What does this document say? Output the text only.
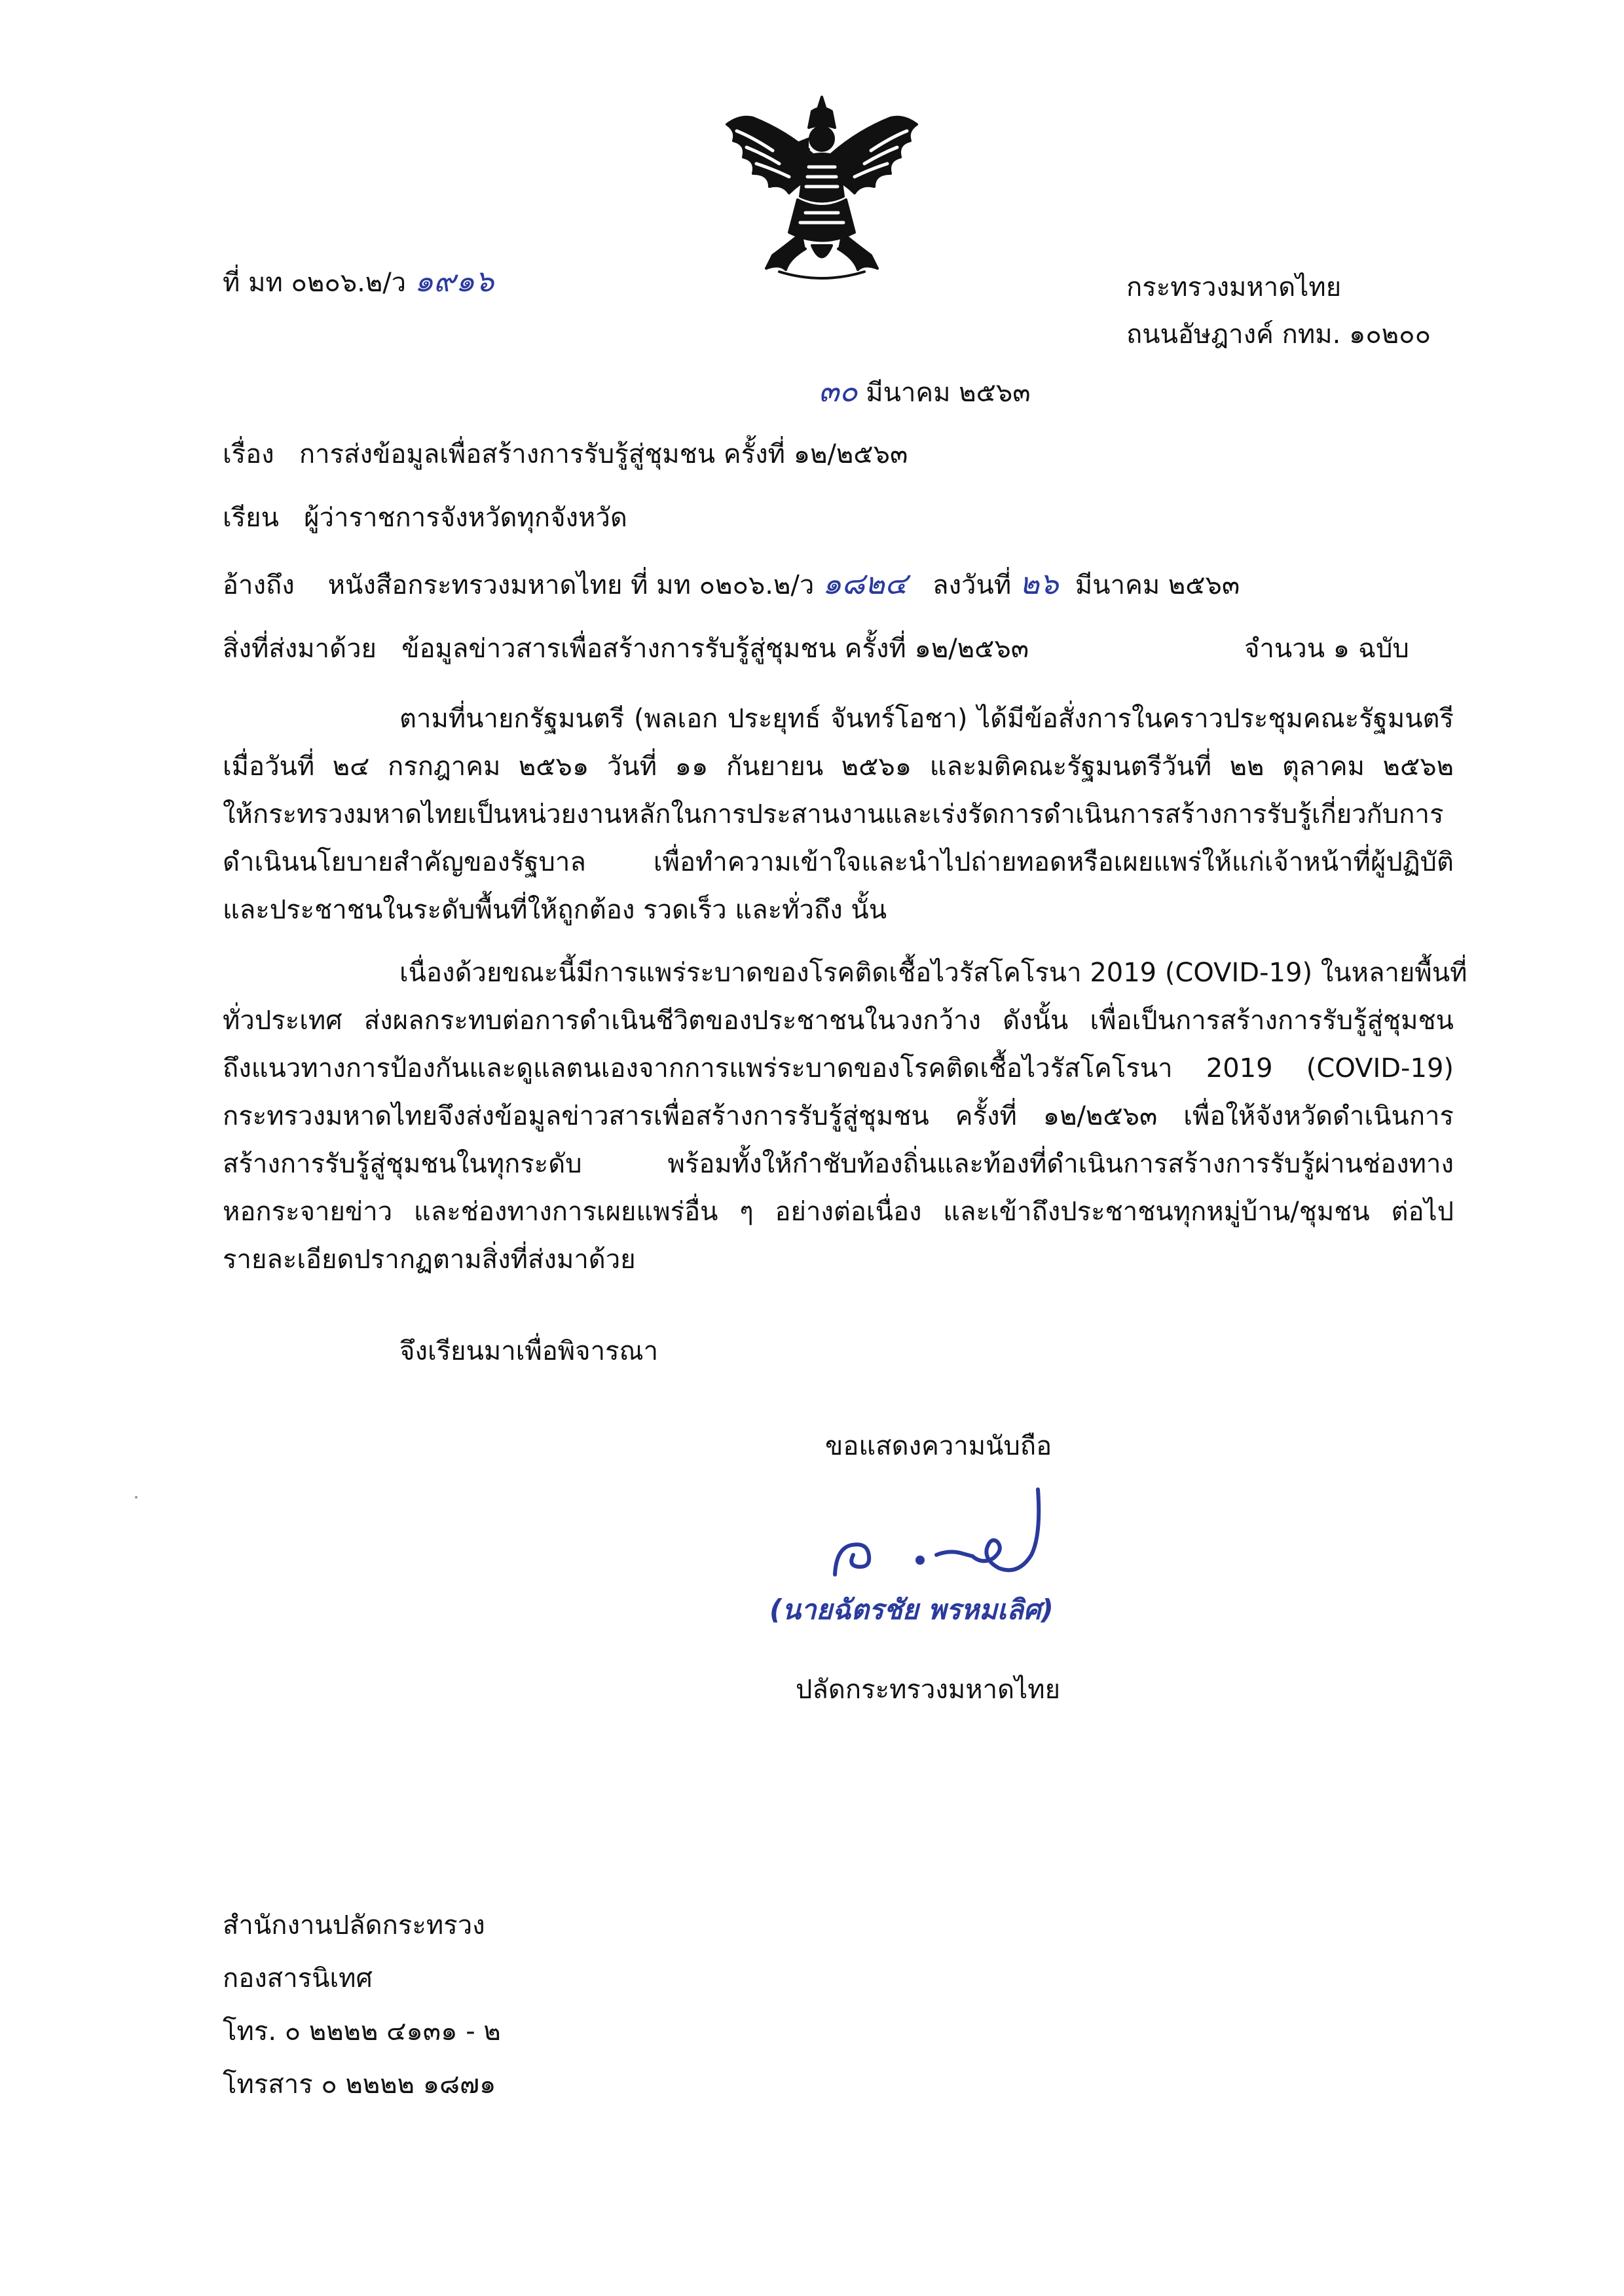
ที่ มท ๐๒๐๖.๒/ว ๑๙๑๖	กระทรวงมหาดไทย
ถนนอัษฎางค์ กทม. ๑๐๒๐๐
๓๐ มีนาคม ๒๕๖๓
เรื่อง การส่งข้อมูลเพื่อสร้างการรับรู้สู่ชุมชน ครั้งที่ ๑๒/๒๕๖๓
เรียน ผู้ว่าราชการจังหวัดทุกจังหวัด
อ้างถึง หนังสือกระทรวงมหาดไทย ที่ มท ๐๒๐๖.๒/ว ๑๘๒๔ ลงวันที่ ๒๖ มีนาคม ๒๕๖๓
สิ่งที่ส่งมาด้วย ข้อมูลข่าวสารเพื่อสร้างการรับรู้สู่ชุมชน ครั้งที่ ๑๒/๒๕๖๓	จำนวน ๑ ฉบับ
ตามที่นายกรัฐมนตรี (พลเอก ประยุทธ์ จันทร์โอชา) ได้มีข้อสั่งการในคราวประชุมคณะรัฐมนตรี
เมื่อวันที่ ๒๔ กรกฎาคม ๒๕๖๑ วันที่ ๑๑ กันยายน ๒๕๖๑ และมติคณะรัฐมนตรีวันที่ ๒๒ ตุลาคม ๒๕๖๒
ให้กระทรวงมหาดไทยเป็นหน่วยงานหลักในการประสานงานและเร่งรัดการดำเนินการสร้างการรับรู้เกี่ยวกับการ
ดำเนินนโยบายสำคัญของรัฐบาล เพื่อทำความเข้าใจและนำไปถ่ายทอดหรือเผยแพร่ให้แก่เจ้าหน้าที่ผู้ปฏิบัติ
และประชาชนในระดับพื้นที่ให้ถูกต้อง รวดเร็ว และทั่วถึง นั้น
เนื่องด้วยขณะนี้มีการแพร่ระบาดของโรคติดเชื้อไวรัสโคโรนา 2019 (COVID-19) ในหลายพื้นที่
ทั่วประเทศ ส่งผลกระทบต่อการดำเนินชีวิตของประชาชนในวงกว้าง ดังนั้น เพื่อเป็นการสร้างการรับรู้สู่ชุมชน
ถึงแนวทางการป้องกันและดูแลตนเองจากการแพร่ระบาดของโรคติดเชื้อไวรัสโคโรนา 2019 (COVID-19)
กระทรวงมหาดไทยจึงส่งข้อมูลข่าวสารเพื่อสร้างการรับรู้สู่ชุมชน ครั้งที่ ๑๒/๒๕๖๓ เพื่อให้จังหวัดดำเนินการ
สร้างการรับรู้สู่ชุมชนในทุกระดับ พร้อมทั้งให้กำชับท้องถิ่นและท้องที่ดำเนินการสร้างการรับรู้ผ่านช่องทาง
หอกระจายข่าว และช่องทางการเผยแพร่อื่น ๆ อย่างต่อเนื่อง และเข้าถึงประชาชนทุกหมู่บ้าน/ชุมชน ต่อไป
รายละเอียดปรากฏตามสิ่งที่ส่งมาด้วย
จึงเรียนมาเพื่อพิจารณา
ขอแสดงความนับถือ
(นายฉัตรชัย พรหมเลิศ)
ปลัดกระทรวงมหาดไทย
สำนักงานปลัดกระทรวง
กองสารนิเทศ
โทร. ๐ ๒๒๒๒ ๔๑๓๑ - ๒
โทรสาร ๐ ๒๒๒๒ ๑๘๗๑
